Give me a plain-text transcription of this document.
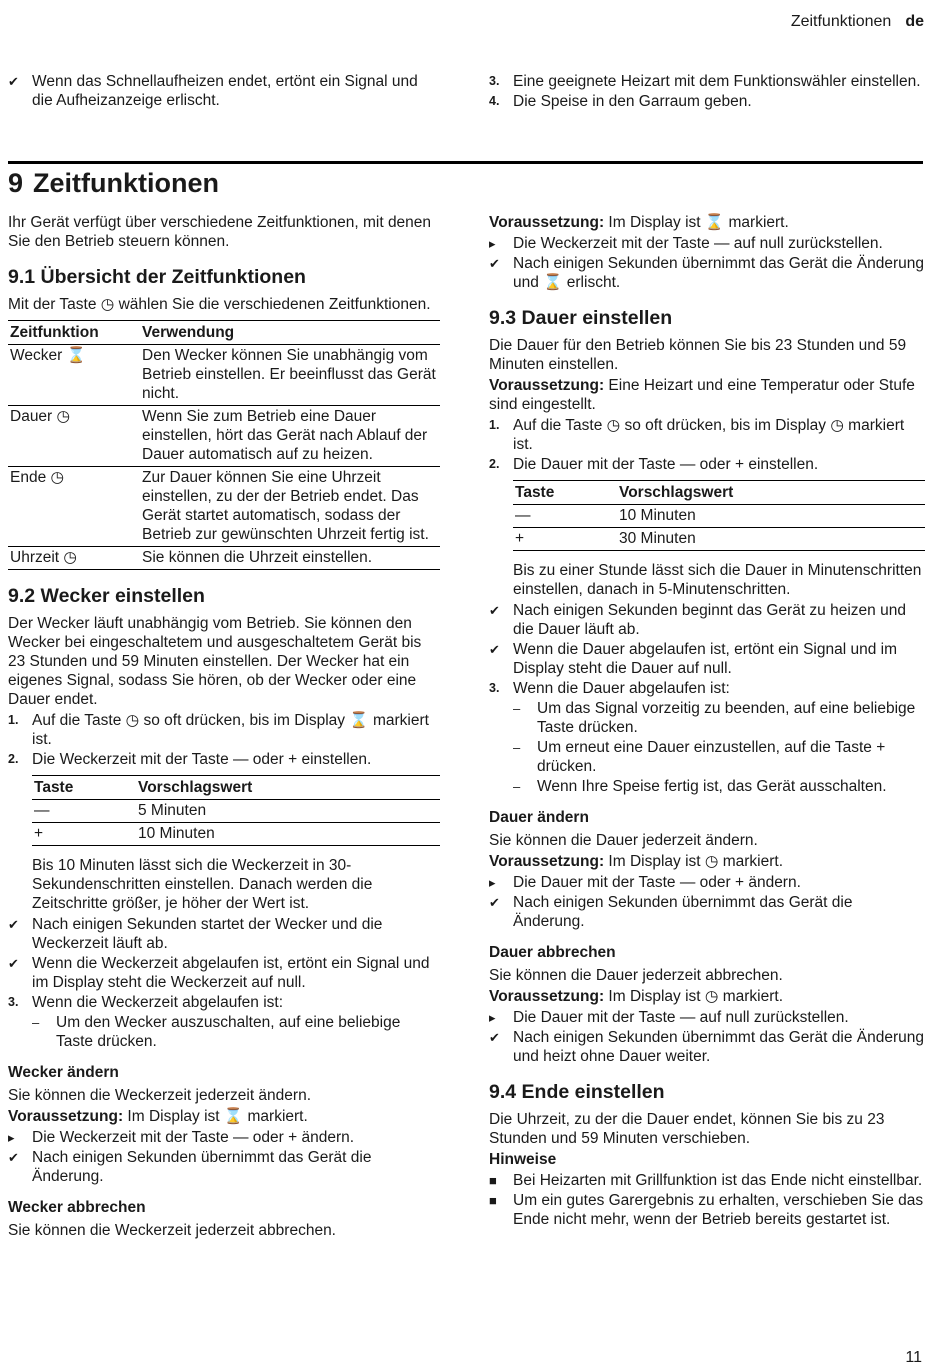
Zeitfunktionen de
✔ Wenn das Schnellaufheizen endet, ertönt ein Signal und die Aufheizanzeige erlischt.
3. Eine geeignete Heizart mit dem Funktionswähler einstellen.
4. Die Speise in den Garraum geben.
9 Zeitfunktionen

Ihr Gerät verfügt über verschiedene Zeitfunktionen, mit denen Sie den Betrieb steuern können.

9.1 Übersicht der Zeitfunktionen

Mit der Taste ◷ wählen Sie die verschiedenen Zeitfunktionen.

Zeitfunktion	Verwendung
Wecker ⌛	Den Wecker können Sie unabhängig vom Betrieb einstellen. Er beeinflusst das Gerät nicht.
Dauer ◷	Wenn Sie zum Betrieb eine Dauer einstellen, hört das Gerät nach Ablauf der Dauer automatisch auf zu heizen.
Ende ◷	Zur Dauer können Sie eine Uhrzeit einstellen, zu der der Betrieb endet. Das Gerät startet automatisch, sodass der Betrieb zur gewünschten Uhrzeit fertig ist.
Uhrzeit ◷	Sie können die Uhrzeit einstellen.
9.2 Wecker einstellen

Der Wecker läuft unabhängig vom Betrieb. Sie können den Wecker bei eingeschaltetem und ausgeschaltetem Gerät bis 23 Stunden und 59 Minuten einstellen. Der Wecker hat ein eigenes Signal, sodass Sie hören, ob der Wecker oder eine Dauer endet.

1. Auf die Taste ◷ so oft drücken, bis im Display ⌛ markiert ist.
2. Die Weckerzeit mit der Taste — oder + einstellen.
Taste	Vorschlagswert
—	5 Minuten
+	10 Minuten

Bis 10 Minuten lässt sich die Weckerzeit in 30-Sekundenschritten einstellen. Danach werden die Zeitschritte größer, je höher der Wert ist.

✔ Nach einigen Sekunden startet der Wecker und die Weckerzeit läuft ab.
✔ Wenn die Weckerzeit abgelaufen ist, ertönt ein Signal und im Display steht die Weckerzeit auf null.
3. Wenn die Weckerzeit abgelaufen ist:
–	Um den Wecker auszuschalten, auf eine beliebige Taste drücken.
Wecker ändern

Sie können die Weckerzeit jederzeit ändern.

Voraussetzung: Im Display ist ⌛ markiert.

▸	Die Weckerzeit mit der Taste — oder + ändern.
✔ Nach einigen Sekunden übernimmt das Gerät die Änderung.
Wecker abbrechen

Sie können die Weckerzeit jederzeit abbrechen.

Voraussetzung: Im Display ist ⌛ markiert.

▸	Die Weckerzeit mit der Taste — auf null zurückstellen.
✔ Nach einigen Sekunden übernimmt das Gerät die Änderung und ⌛ erlischt.
9.3 Dauer einstellen

Die Dauer für den Betrieb können Sie bis 23 Stunden und 59 Minuten einstellen.

Voraussetzung: Eine Heizart und eine Temperatur oder Stufe sind eingestellt.

1. Auf die Taste ◷ so oft drücken, bis im Display ◷ markiert ist.
2. Die Dauer mit der Taste — oder + einstellen.
Taste	Vorschlagswert
—	10 Minuten
+	30 Minuten

Bis zu einer Stunde lässt sich die Dauer in Minutenschritten einstellen, danach in 5-Minutenschritten.

✔ Nach einigen Sekunden beginnt das Gerät zu heizen und die Dauer läuft ab.
✔ Wenn die Dauer abgelaufen ist, ertönt ein Signal und im Display steht die Dauer auf null.
3. Wenn die Dauer abgelaufen ist:
–	Um das Signal vorzeitig zu beenden, auf eine beliebige Taste drücken.
–	Um erneut eine Dauer einzustellen, auf die Taste + drücken.
–	Wenn Ihre Speise fertig ist, das Gerät ausschalten.
Dauer ändern

Sie können die Dauer jederzeit ändern.

Voraussetzung: Im Display ist ◷ markiert.

▸	Die Dauer mit der Taste — oder + ändern.
✔ Nach einigen Sekunden übernimmt das Gerät die Änderung.
Dauer abbrechen

Sie können die Dauer jederzeit abbrechen.

Voraussetzung: Im Display ist ◷ markiert.

▸	Die Dauer mit der Taste — auf null zurückstellen.
✔ Nach einigen Sekunden übernimmt das Gerät die Änderung und heizt ohne Dauer weiter.
9.4 Ende einstellen

Die Uhrzeit, zu der die Dauer endet, können Sie bis zu 23 Stunden und 59 Minuten verschieben.

Hinweise

■	Bei Heizarten mit Grillfunktion ist das Ende nicht einstellbar.
■	Um ein gutes Garergebnis zu erhalten, verschieben Sie das Ende nicht mehr, wenn der Betrieb bereits gestartet ist.
11
